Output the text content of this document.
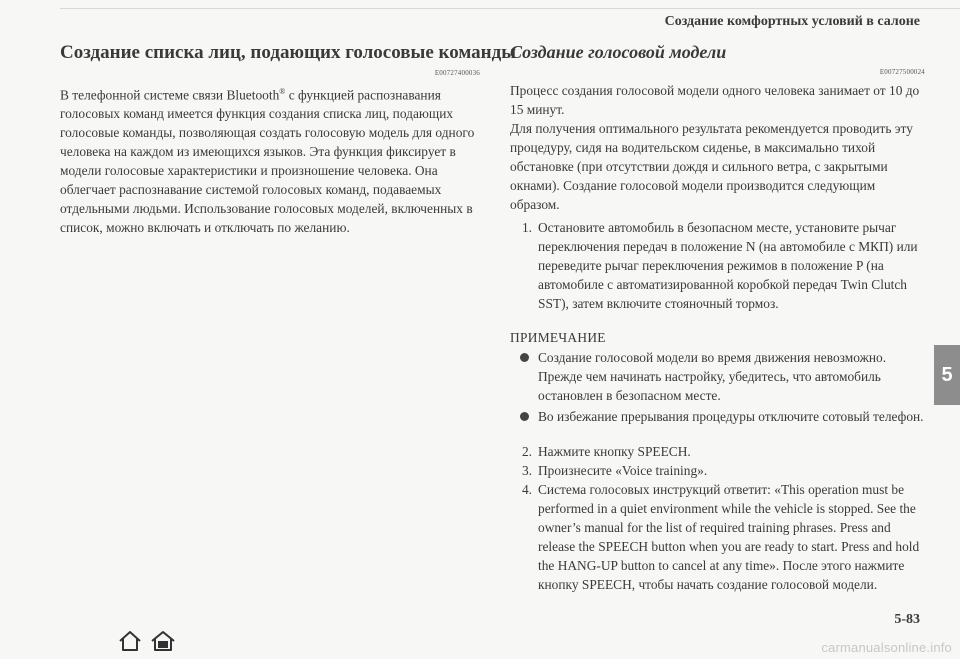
Создание комфортных условий в салоне
Создание списка лиц, подающих голосовые команды
E00727400036

В телефонной системе связи Bluetooth® с функцией распознавания голосовых команд имеется функция создания списка лиц, подающих голосовые команды, позволяющая создать голосовую модель для одного человека на каждом из имеющихся языков. Эта функция фиксирует в модели голосовые характеристики и произношение человека. Она облегчает распознавание системой голосовых команд, подаваемых отдельными людьми. Использование голосовых моделей, включенных в список, можно включать и отключать по желанию.

Создание голосовой модели
E00727500024

Процесс создания голосовой модели одного человека занимает от 10 до 15 минут.

Для получения оптимального результата рекомендуется проводить эту процедуру, сидя на водительском сиденье, в максимально тихой обстановке (при отсутствии дождя и сильного ветра, с закрытыми окнами). Создание голосовой модели производится следующим образом.

1. Остановите автомобиль в безопасном месте, установите рычаг переключения передач в положение N (на автомобиле с МКП) или переведите рычаг переключения режимов в положение P (на автомобиле с автоматизированной коробкой передач Twin Clutch SST), затем включите стояночный тормоз.
ПРИМЕЧАНИЕ
Создание голосовой модели во время движения невозможно. Прежде чем начинать настройку, убедитесь, что автомобиль остановлен в безопасном месте.
Во избежание прерывания процедуры отключите сотовый телефон.
2. Нажмите кнопку SPEECH.
3. Произнесите «Voice training».
4. Система голосовых инструкций ответит: «This operation must be performed in a quiet environment while the vehicle is stopped. See the owner’s manual for the list of required training phrases. Press and release the SPEECH button when you are ready to start. Press and hold the HANG-UP button to cancel at any time». После этого нажмите кнопку SPEECH, чтобы начать создание голосовой модели.
5
5-83
carmanualsonline.info
